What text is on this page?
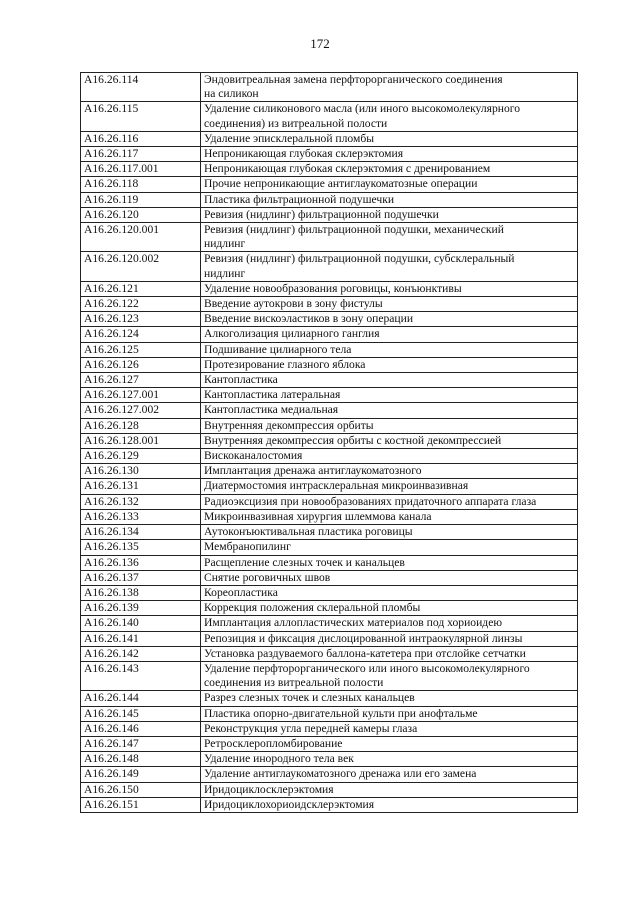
172
A16.26.114	Эндовитреальная замена перфторорганического соединения
на силикон

A16.26.115	Удаление силиконового масла (или иного высокомолекулярного
соединения) из витреальной полости

A16.26.116	Удаление эписклеральной пломбы

A16.26.117	Непроникающая глубокая склерэктомия

A16.26.117.001	Непроникающая глубокая склерэктомия с дренированием

A16.26.118	Прочие непроникающие антиглаукоматозные операции

A16.26.119	Пластика фильтрационной подушечки

A16.26.120	Ревизия (нидлинг) фильтрационной подушечки

A16.26.120.001	Ревизия (нидлинг) фильтрационной подушки, механический
нидлинг

A16.26.120.002	Ревизия (нидлинг) фильтрационной подушки, субсклеральный
нидлинг

A16.26.121	Удаление новообразования роговицы, конъюнктивы

A16.26.122	Введение аутокрови в зону фистулы

A16.26.123	Введение вискоэластиков в зону операции

A16.26.124	Алкоголизация цилиарного ганглия

A16.26.125	Подшивание цилиарного тела

A16.26.126	Протезирование глазного яблока

A16.26.127	Кантопластика

A16.26.127.001	Кантопластика латеральная

A16.26.127.002	Кантопластика медиальная

A16.26.128	Внутренняя декомпрессия орбиты

A16.26.128.001	Внутренняя декомпрессия орбиты с костной декомпрессией

A16.26.129	Вискоканалостомия

A16.26.130	Имплантация дренажа антиглаукоматозного

A16.26.131	Диатермостомия интрасклеральная микроинвазивная

A16.26.132	Радиоэксцизия при новообразованиях придаточного аппарата глаза

A16.26.133	Микроинвазивная хирургия шлеммова канала

A16.26.134	Аутоконъюктивальная пластика роговицы

A16.26.135	Мембранопилинг

A16.26.136	Расщепление слезных точек и канальцев

A16.26.137	Снятие роговичных швов

A16.26.138	Кореопластика

A16.26.139	Коррекция положения склеральной пломбы

A16.26.140	Имплантация аллопластических материалов под хориоидею

A16.26.141	Репозиция и фиксация дислоцированной интраокулярной линзы

A16.26.142	Установка раздуваемого баллона-катетера при отслойке сетчатки

A16.26.143	Удаление перфторорганического или иного высокомолекулярного
соединения из витреальной полости

A16.26.144	Разрез слезных точек и слезных канальцев

A16.26.145	Пластика опорно-двигательной культи при анофтальме

A16.26.146	Реконструкция угла передней камеры глаза

A16.26.147	Ретросклеропломбирование

A16.26.148	Удаление инородного тела век

A16.26.149	Удаление антиглаукоматозного дренажа или его замена

A16.26.150	Иридоциклосклерэктомия

A16.26.151	Иридоциклохориоидсклерэктомия
